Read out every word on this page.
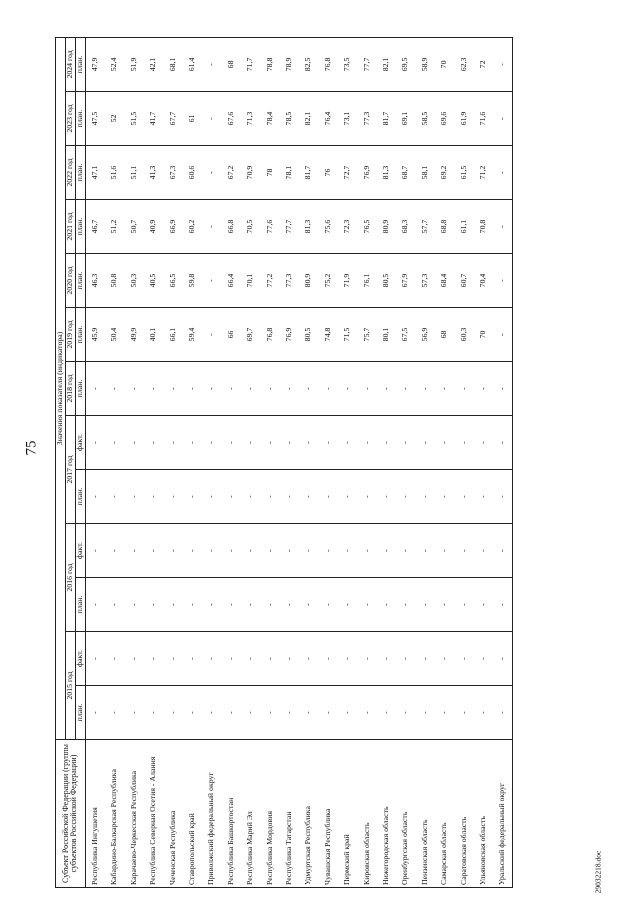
75
29032218.doc
Субъект Российской Федерации (группы субъектов Российской Федерации)	Значения показателя (индикатора)												
	2015 год		2016 год		2017 год		2018 год	2019 год	2020 год	2021 год	2022 год	2023 год	2024 год
	план.	факт.	план.	факт.	план.	факт.	план.	план.	план.	план.	план.	план.	план.
Республика Ингушетия	-	-	-	-	-	-	-	45,9	46,3	46,7	47,1	47,5	47,9
Кабардино-Балкарская Республика	-	-	-	-	-	-	-	50,4	50,8	51,2	51,6	52	52,4
Карачаево-Черкесская Республика	-	-	-	-	-	-	-	49,9	50,3	50,7	51,1	51,5	51,9
Республика Северная Осетия - Алания	-	-	-	-	-	-	-	40,1	40,5	40,9	41,3	41,7	42,1
Чеченская Республика	-	-	-	-	-	-	-	66,1	66,5	66,9	67,3	67,7	68,1
Ставропольский край	-	-	-	-	-	-	-	59,4	59,8	60,2	60,6	61	61,4
Приволжский федеральный округ	-	-	-	-	-	-	-	-	-	-	-	-	-
Республика Башкортостан	-	-	-	-	-	-	-	66	66,4	66,8	67,2	67,6	68
Республика Марий Эл	-	-	-	-	-	-	-	69,7	70,1	70,5	70,9	71,3	71,7
Республика Мордовия	-	-	-	-	-	-	-	76,8	77,2	77,6	78	78,4	78,8
Республика Татарстан	-	-	-	-	-	-	-	76,9	77,3	77,7	78,1	78,5	78,9
Удмуртская Республика	-	-	-	-	-	-	-	80,5	80,9	81,3	81,7	82,1	82,5
Чувашская Республика	-	-	-	-	-	-	-	74,8	75,2	75,6	76	76,4	76,8
Пермский край	-	-	-	-	-	-	-	71,5	71,9	72,3	72,7	73,1	73,5
Кировская область	-	-	-	-	-	-	-	75,7	76,1	76,5	76,9	77,3	77,7
Нижегородская область	-	-	-	-	-	-	-	80,1	80,5	80,9	81,3	81,7	82,1
Оренбургская область	-	-	-	-	-	-	-	67,5	67,9	68,3	68,7	69,1	69,5
Пензенская область	-	-	-	-	-	-	-	56,9	57,3	57,7	58,1	58,5	58,9
Самарская область	-	-	-	-	-	-	-	68	68,4	68,8	69,2	69,6	70
Саратовская область	-	-	-	-	-	-	-	60,3	60,7	61,1	61,5	61,9	62,3
Ульяновская область	-	-	-	-	-	-	-	70	70,4	70,8	71,2	71,6	72
Уральский федеральный округ	-	-	-	-	-	-	-	-	-	-	-	-	-
